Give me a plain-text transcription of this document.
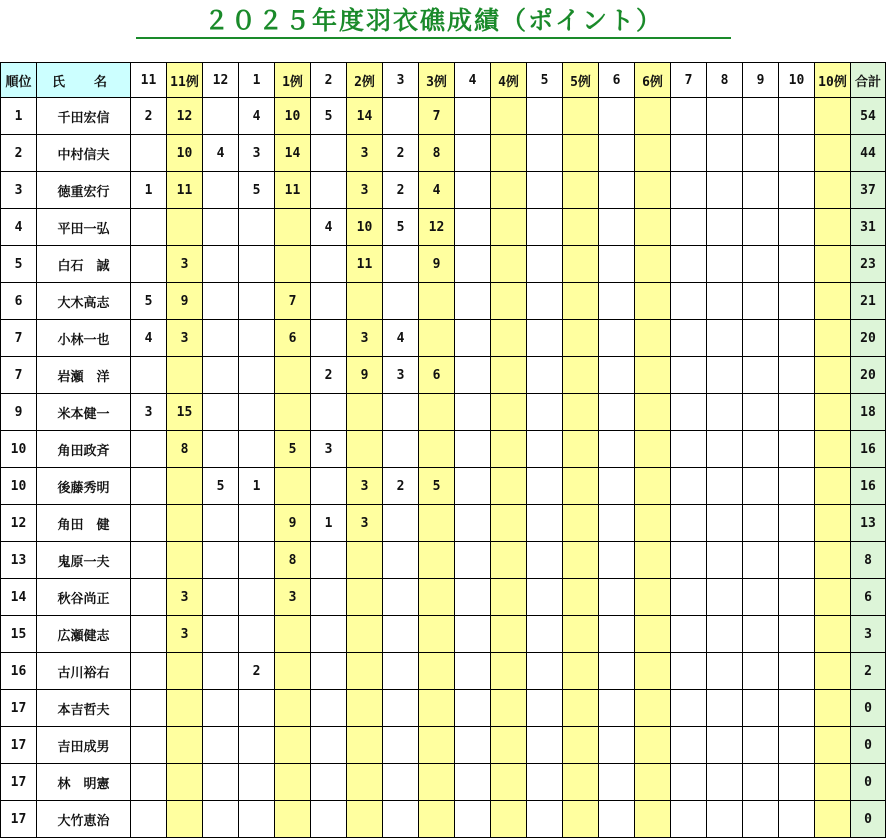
２０２５年度羽衣礁成績（ポイント）
順位	氏　名	11	11例	12	1	1例	2	2例	3	3例	4	4例	5	5例	6	6例	7	8	9	10	10例	合計
1	千田宏信	2	12		4	10	5	14		7												54
2	中村信夫		10	4	3	14		3	2	8												44
3	徳重宏行	1	11		5	11		3	2	4												37
4	平田一弘						4	10	5	12												31
5	白石　誠		3					11		9												23
6	大木高志	5	9			7																21
7	小林一也	4	3			6		3	4													20
7	岩瀬　洋						2	9	3	6												20
9	米本健一	3	15																			18
10	角田政斉		8			5	3															16
10	後藤秀明			5	1			3	2	5												16
12	角田　健					9	1	3														13
13	鬼原一夫					8																8
14	秋谷尚正		3			3																6
15	広瀬健志		3																			3
16	古川裕右				2																	2
17	本吉哲夫																					0
17	吉田成男																					0
17	林　明憲																					0
17	大竹恵治																					0
